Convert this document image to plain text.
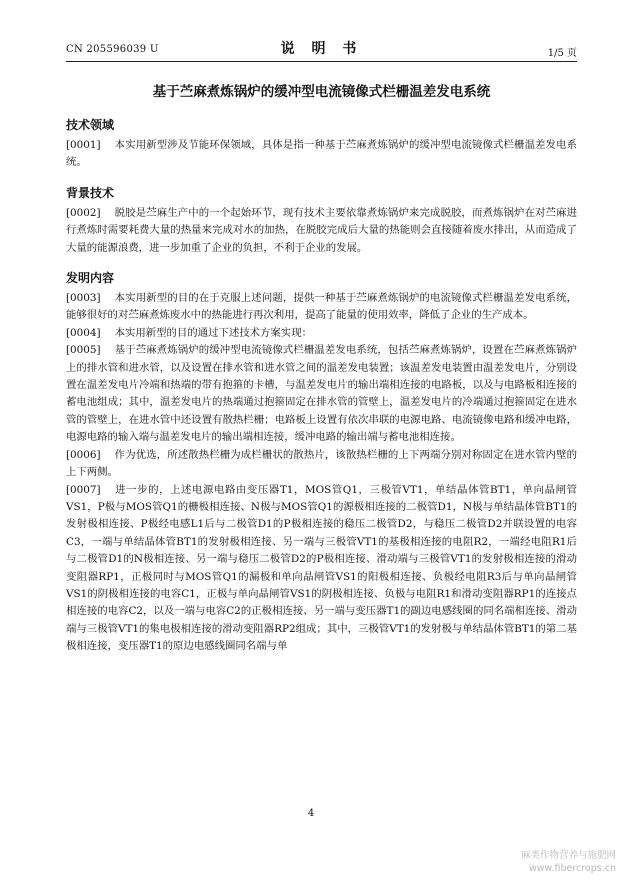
CN 205596039 U	说 明 书	1/5 页
基于苎麻煮炼锅炉的缓冲型电流镜像式栏栅温差发电系统
技术领域

[0001] 本实用新型涉及节能环保领域，具体是指一种基于苎麻煮炼锅炉的缓冲型电流镜像式栏栅温差发电系统。

背景技术

[0002] 脱胶是苎麻生产中的一个起始环节，现有技术主要依靠煮炼锅炉来完成脱胶，而煮炼锅炉在对苎麻进行煮炼时需要耗费大量的热量来完成对水的加热，在脱胶完成后大量的热能则会直接随着废水排出，从而造成了大量的能源浪费，进一步加重了企业的负担，不利于企业的发展。

发明内容

[0003] 本实用新型的目的在于克服上述问题，提供一种基于苎麻煮炼锅炉的电流镜像式栏栅温差发电系统，能够很好的对苎麻煮炼废水中的热能进行再次利用，提高了能量的使用效率，降低了企业的生产成本。

[0004] 本实用新型的目的通过下述技术方案实现：

[0005] 基于苎麻煮炼锅炉的缓冲型电流镜像式栏栅温差发电系统，包括苎麻煮炼锅炉，设置在苎麻煮炼锅炉上的排水管和进水管，以及设置在排水管和进水管之间的温差发电装置；该温差发电装置由温差发电片，分别设置在温差发电片冷端和热端的带有抱箍的卡槽，与温差发电片的输出端相连接的电路板，以及与电路板相连接的蓄电池组成；其中，温差发电片的热端通过抱箍固定在排水管的管壁上，温差发电片的冷端通过抱箍固定在进水管的管壁上，在进水管中还设置有散热栏栅；电路板上设置有依次串联的电源电路、电流镜像电路和缓冲电路，电源电路的输入端与温差发电片的输出端相连接，缓冲电路的输出端与蓄电池相连接。

[0006] 作为优选，所述散热栏栅为成栏栅状的散热片，该散热栏栅的上下两端分别对称固定在进水管内壁的上下两侧。

[0007] 进一步的，上述电源电路由变压器T1，MOS管Q1，三极管VT1，单结晶体管BT1，单向晶闸管VS1，P极与MOS管Q1的栅极相连接、N极与MOS管Q1的源极相连接的二极管D1，N极与单结晶体管BT1的发射极相连接、P极经电感L1后与二极管D1的P极相连接的稳压二极管D2，与稳压二极管D2并联设置的电容C3，一端与单结晶体管BT1的发射极相连接、另一端与三极管VT1的基极相连接的电阻R2，一端经电阻R1后与二极管D1的N极相连接、另一端与稳压二极管D2的P极相连接、滑动端与三极管VT1的发射极相连接的滑动变阻器RP1，正极同时与MOS管Q1的漏极和单向晶闸管VS1的阳极相连接、负极经电阻R3后与单向晶闸管VS1的阴极相连接的电容C1，正极与单向晶闸管VS1的阴极相连接、负极与电阻R1和滑动变阻器RP1的连接点相连接的电容C2，以及一端与电容C2的正极相连接、另一端与变压器T1的副边电感线圈的同名端相连接、滑动端与三极管VT1的集电极相连接的滑动变阻器RP2组成；其中，三极管VT1的发射极与单结晶体管BT1的第二基极相连接，变压器T1的原边电感线圈同名端与单

4
麻类作物营养与施肥网
www.fibercrops.cn
